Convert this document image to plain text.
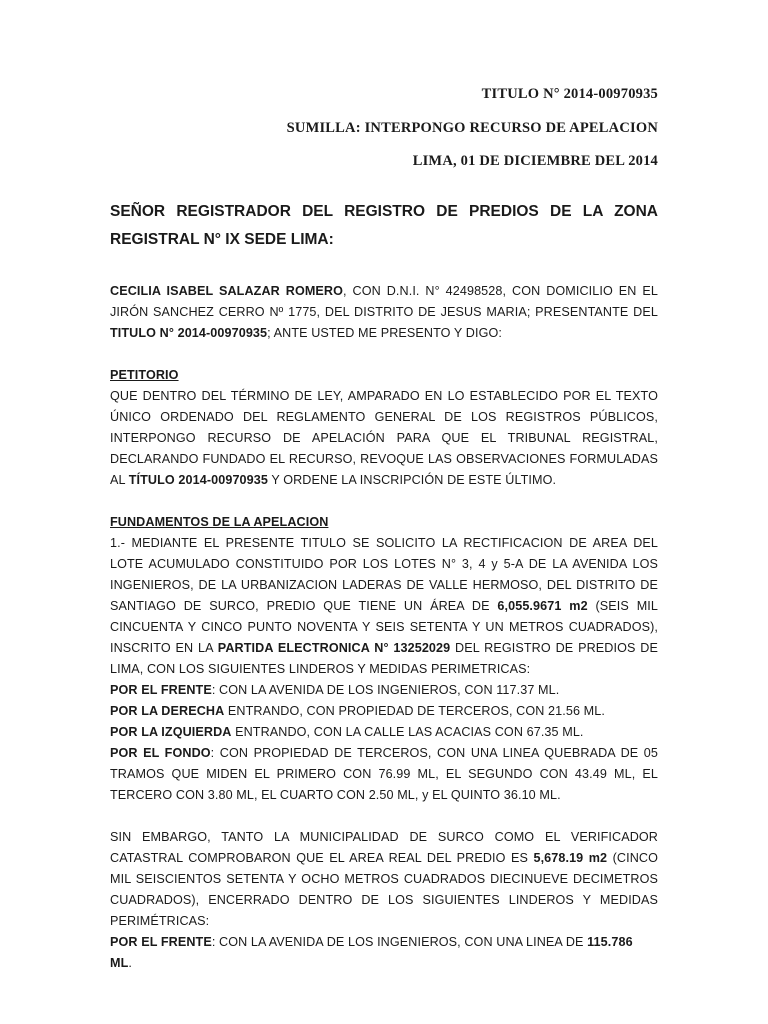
TITULO N° 2014-00970935

SUMILLA: INTERPONGO RECURSO DE APELACION

LIMA, 01 DE DICIEMBRE DEL 2014

SEÑOR REGISTRADOR DEL REGISTRO DE PREDIOS DE LA ZONA REGISTRAL N° IX SEDE LIMA:

CECILIA ISABEL SALAZAR ROMERO, CON D.N.I. N° 42498528, CON DOMICILIO EN EL JIRÓN SANCHEZ CERRO Nº 1775, DEL DISTRITO DE JESUS MARIA; PRESENTANTE DEL TITULO N° 2014-00970935; ANTE USTED ME PRESENTO Y DIGO:

PETITORIO

QUE DENTRO DEL TÉRMINO DE LEY, AMPARADO EN LO ESTABLECIDO POR EL TEXTO ÚNICO ORDENADO DEL REGLAMENTO GENERAL DE LOS REGISTROS PÚBLICOS, INTERPONGO RECURSO DE APELACIÓN PARA QUE EL TRIBUNAL REGISTRAL, DECLARANDO FUNDADO EL RECURSO, REVOQUE LAS OBSERVACIONES FORMULADAS AL TÍTULO 2014-00970935 Y ORDENE LA INSCRIPCIÓN DE ESTE ÚLTIMO.

FUNDAMENTOS DE LA APELACION

1.- MEDIANTE EL PRESENTE TITULO SE SOLICITO LA RECTIFICACION DE AREA DEL LOTE ACUMULADO CONSTITUIDO POR LOS LOTES N° 3, 4 y 5-A DE LA AVENIDA LOS INGENIEROS, DE LA URBANIZACION LADERAS DE VALLE HERMOSO, DEL DISTRITO DE SANTIAGO DE SURCO, PREDIO QUE TIENE UN ÁREA DE 6,055.9671 m2 (SEIS MIL CINCUENTA Y CINCO PUNTO NOVENTA Y SEIS SETENTA Y UN METROS CUADRADOS), INSCRITO EN LA PARTIDA ELECTRONICA N° 13252029 DEL REGISTRO DE PREDIOS DE LIMA, CON LOS SIGUIENTES LINDEROS Y MEDIDAS PERIMETRICAS:

POR EL FRENTE: CON LA AVENIDA DE LOS INGENIEROS, CON 117.37 ML.

POR LA DERECHA ENTRANDO, CON PROPIEDAD DE TERCEROS, CON 21.56 ML.

POR LA IZQUIERDA ENTRANDO, CON LA CALLE LAS ACACIAS CON 67.35 ML.

POR EL FONDO: CON PROPIEDAD DE TERCEROS, CON UNA LINEA QUEBRADA DE 05 TRAMOS QUE MIDEN EL PRIMERO CON 76.99 ML, EL SEGUNDO CON 43.49 ML, EL TERCERO CON 3.80 ML, EL CUARTO CON 2.50 ML, y EL QUINTO 36.10 ML.

SIN EMBARGO, TANTO LA MUNICIPALIDAD DE SURCO COMO EL VERIFICADOR CATASTRAL COMPROBARON QUE EL AREA REAL DEL PREDIO ES 5,678.19 m2 (CINCO MIL SEISCIENTOS SETENTA Y OCHO METROS CUADRADOS DIECINUEVE DECIMETROS CUADRADOS), ENCERRADO DENTRO DE LOS SIGUIENTES LINDEROS Y MEDIDAS PERIMÉTRICAS:

POR EL FRENTE: CON LA AVENIDA DE LOS INGENIEROS, CON UNA LINEA DE 115.786 ML.
